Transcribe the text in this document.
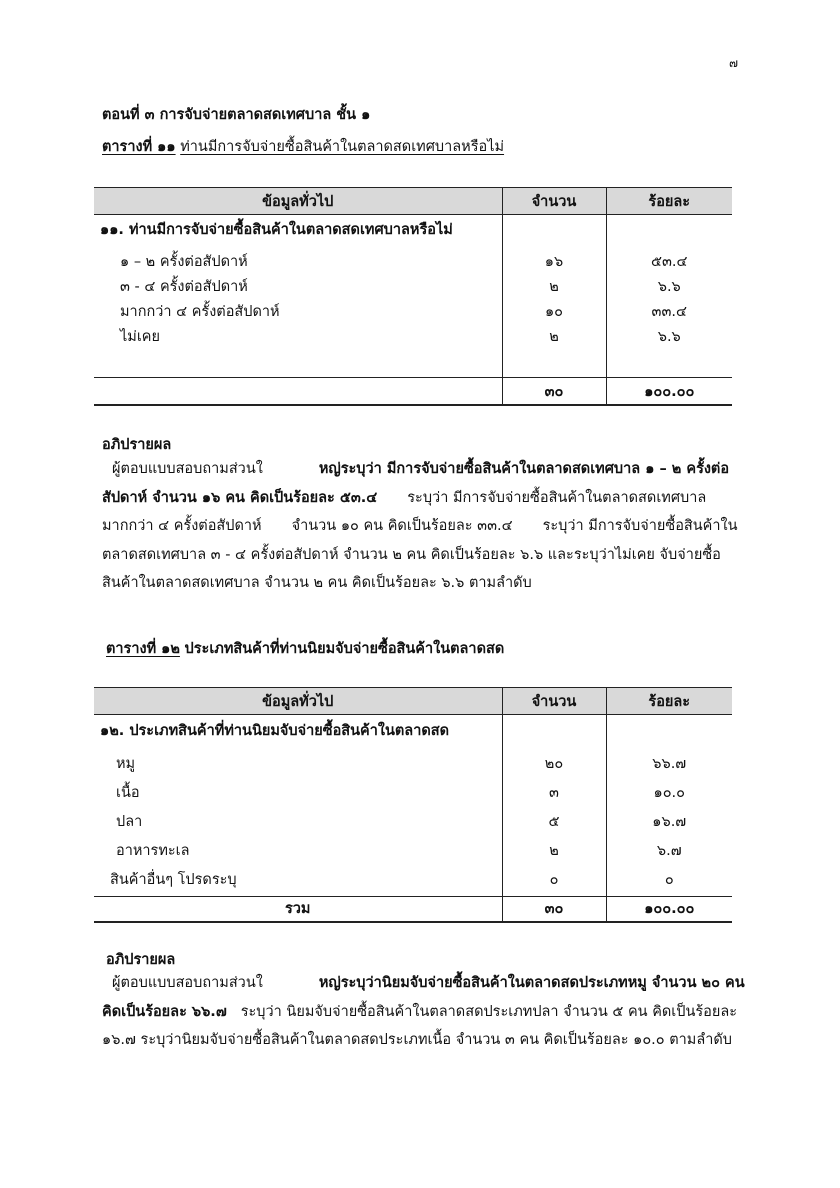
๗
ตอนที่ ๓ การจับจ่ายตลาดสดเทศบาล ชั้น ๑
ตารางที่ ๑๑ ท่านมีการจับจ่ายซื้อสินค้าในตลาดสดเทศบาลหรือไม่
ข้อมูลทั่วไป	จำนวน	ร้อยละ
๑๑. ท่านมีการจับจ่ายซื้อสินค้าในตลาดสดเทศบาลหรือไม่		
๑ – ๒ ครั้งต่อสัปดาห์	๑๖	๕๓.๔
๓ - ๔ ครั้งต่อสัปดาห์	๒	๖.๖
มากกว่า ๔ ครั้งต่อสัปดาห์	๑๐	๓๓.๔
ไม่เคย	๒	๖.๖

	๓๐	๑๐๐.๐๐
อภิปรายผล
ผู้ตอบแบบสอบถามส่วนใ	หญ่ระบุว่า มีการจับจ่ายซื้อสินค้าในตลาดสดเทศบาล ๑ – ๒ ครั้งต่อ
สัปดาห์ จำนวน ๑๖ คน คิดเป็นร้อยละ ๕๓.๔ ระบุว่า มีการจับจ่ายซื้อสินค้าในตลาดสดเทศบาล
มากกว่า ๔ ครั้งต่อสัปดาห์ จำนวน ๑๐ คน คิดเป็นร้อยละ ๓๓.๔ ระบุว่า มีการจับจ่ายซื้อสินค้าใน
ตลาดสดเทศบาล ๓ - ๔ ครั้งต่อสัปดาห์ จำนวน ๒ คน คิดเป็นร้อยละ ๖.๖ และระบุว่าไม่เคย จับจ่ายซื้อ
สินค้าในตลาดสดเทศบาล จำนวน ๒ คน คิดเป็นร้อยละ ๖.๖ ตามลำดับ
ตารางที่ ๑๒ ประเภทสินค้าที่ท่านนิยมจับจ่ายซื้อสินค้าในตลาดสด
ข้อมูลทั่วไป	จำนวน	ร้อยละ
๑๒. ประเภทสินค้าที่ท่านนิยมจับจ่ายซื้อสินค้าในตลาดสด		
หมู	๒๐	๖๖.๗
เนื้อ	๓	๑๐.๐
ปลา	๕	๑๖.๗
อาหารทะเล	๒	๖.๗
สินค้าอื่นๆ โปรดระบุ	๐	๐
รวม	๓๐	๑๐๐.๐๐
อภิปรายผล
ผู้ตอบแบบสอบถามส่วนใ	หญ่ระบุว่านิยมจับจ่ายซื้อสินค้าในตลาดสดประเภทหมู จำนวน ๒๐ คน
คิดเป็นร้อยละ ๖๖.๗ ระบุว่า นิยมจับจ่ายซื้อสินค้าในตลาดสดประเภทปลา จำนวน ๕ คน คิดเป็นร้อยละ
๑๖.๗ ระบุว่านิยมจับจ่ายซื้อสินค้าในตลาดสดประเภทเนื้อ จำนวน ๓ คน คิดเป็นร้อยละ ๑๐.๐ ตามลำดับ
